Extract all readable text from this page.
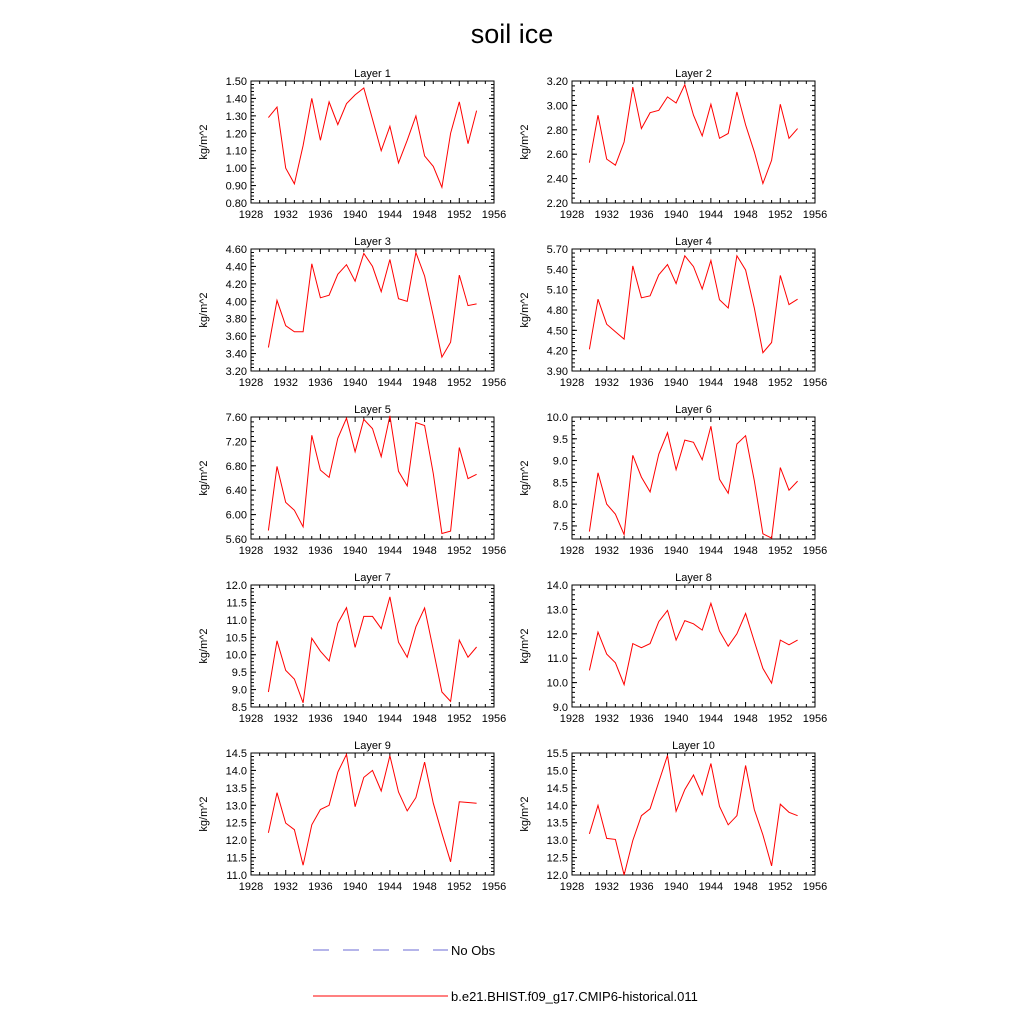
soil ice
Layer 1
kg/m^2
1928 1932 1936 1940 1944 1948 1952 1956
0.80
0.90
1.00
1.10
1.20
1.30
1.40
1.50
Layer 2
kg/m^2
1928 1932 1936 1940 1944 1948 1952 1956
2.20
2.40
2.60
2.80
3.00
3.20
Layer 3
kg/m^2
1928 1932 1936 1940 1944 1948 1952 1956
3.20
3.40
3.60
3.80
4.00
4.20
4.40
4.60
Layer 4
kg/m^2
1928 1932 1936 1940 1944 1948 1952 1956
3.90
4.20
4.50
4.80
5.10
5.40
5.70
Layer 5
kg/m^2
1928 1932 1936 1940 1944 1948 1952 1956
5.60
6.00
6.40
6.80
7.20
7.60
Layer 6
kg/m^2
1928 1932 1936 1940 1944 1948 1952 1956
7.5
8.0
8.5
9.0
9.5
10.0
Layer 7
kg/m^2
1928 1932 1936 1940 1944 1948 1952 1956
8.5
9.0
9.5
10.0
10.5
11.0
11.5
12.0
Layer 8
kg/m^2
1928 1932 1936 1940 1944 1948 1952 1956
9.0
10.0
11.0
12.0
13.0
14.0
Layer 9
kg/m^2
1928 1932 1936 1940 1944 1948 1952 1956
11.0
11.5
12.0
12.5
13.0
13.5
14.0
14.5
Layer 10
kg/m^2
1928 1932 1936 1940 1944 1948 1952 1956
12.0
12.5
13.0
13.5
14.0
14.5
15.0
15.5
No Obs
b.e21.BHIST.f09_g17.CMIP6-historical.011
